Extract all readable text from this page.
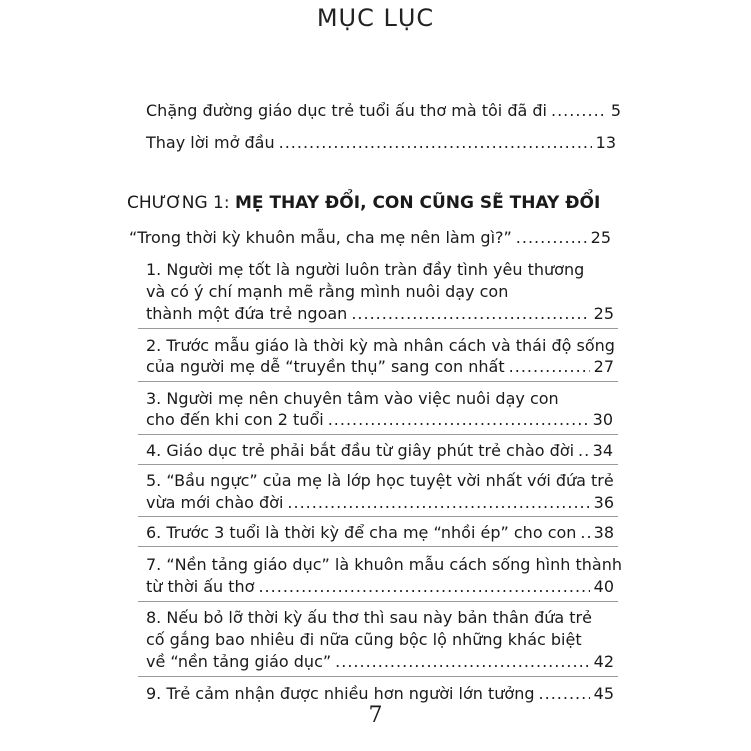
MỤC LỤC
Chặng đường giáo dục trẻ tuổi ấu thơ mà tôi đã đi .....	5
Thay lời mở đầu .....	13
CHƯƠNG 1: MẸ THAY ĐỔI, CON CŨNG SẼ THAY ĐỔI
“Trong thời kỳ khuôn mẫu, cha mẹ nên làm gì?” .....	25
1. Người mẹ tốt là người luôn tràn đầy tình yêu thương
và có ý chí mạnh mẽ rằng mình nuôi dạy con
thành một đứa trẻ ngoan .....	25
2. Trước mẫu giáo là thời kỳ mà nhân cách và thái độ sống
của người mẹ dễ “truyền thụ” sang con nhất .....	27
3. Người mẹ nên chuyên tâm vào việc nuôi dạy con
cho đến khi con 2 tuổi .....	30
4. Giáo dục trẻ phải bắt đầu từ giây phút trẻ chào đời ..... 34
5. “Bầu ngực” của mẹ là lớp học tuyệt vời nhất với đứa trẻ
vừa mới chào đời .....	36
6. Trước 3 tuổi là thời kỳ để cha mẹ “nhồi ép” cho con ..... 38
7. “Nền tảng giáo dục” là khuôn mẫu cách sống hình thành
từ thời ấu thơ .....	40
8. Nếu bỏ lỡ thời kỳ ấu thơ thì sau này bản thân đứa trẻ
cố gắng bao nhiêu đi nữa cũng bộc lộ những khác biệt
về “nền tảng giáo dục” .....	42
9. Trẻ cảm nhận được nhiều hơn người lớn tưởng .....	45
7
